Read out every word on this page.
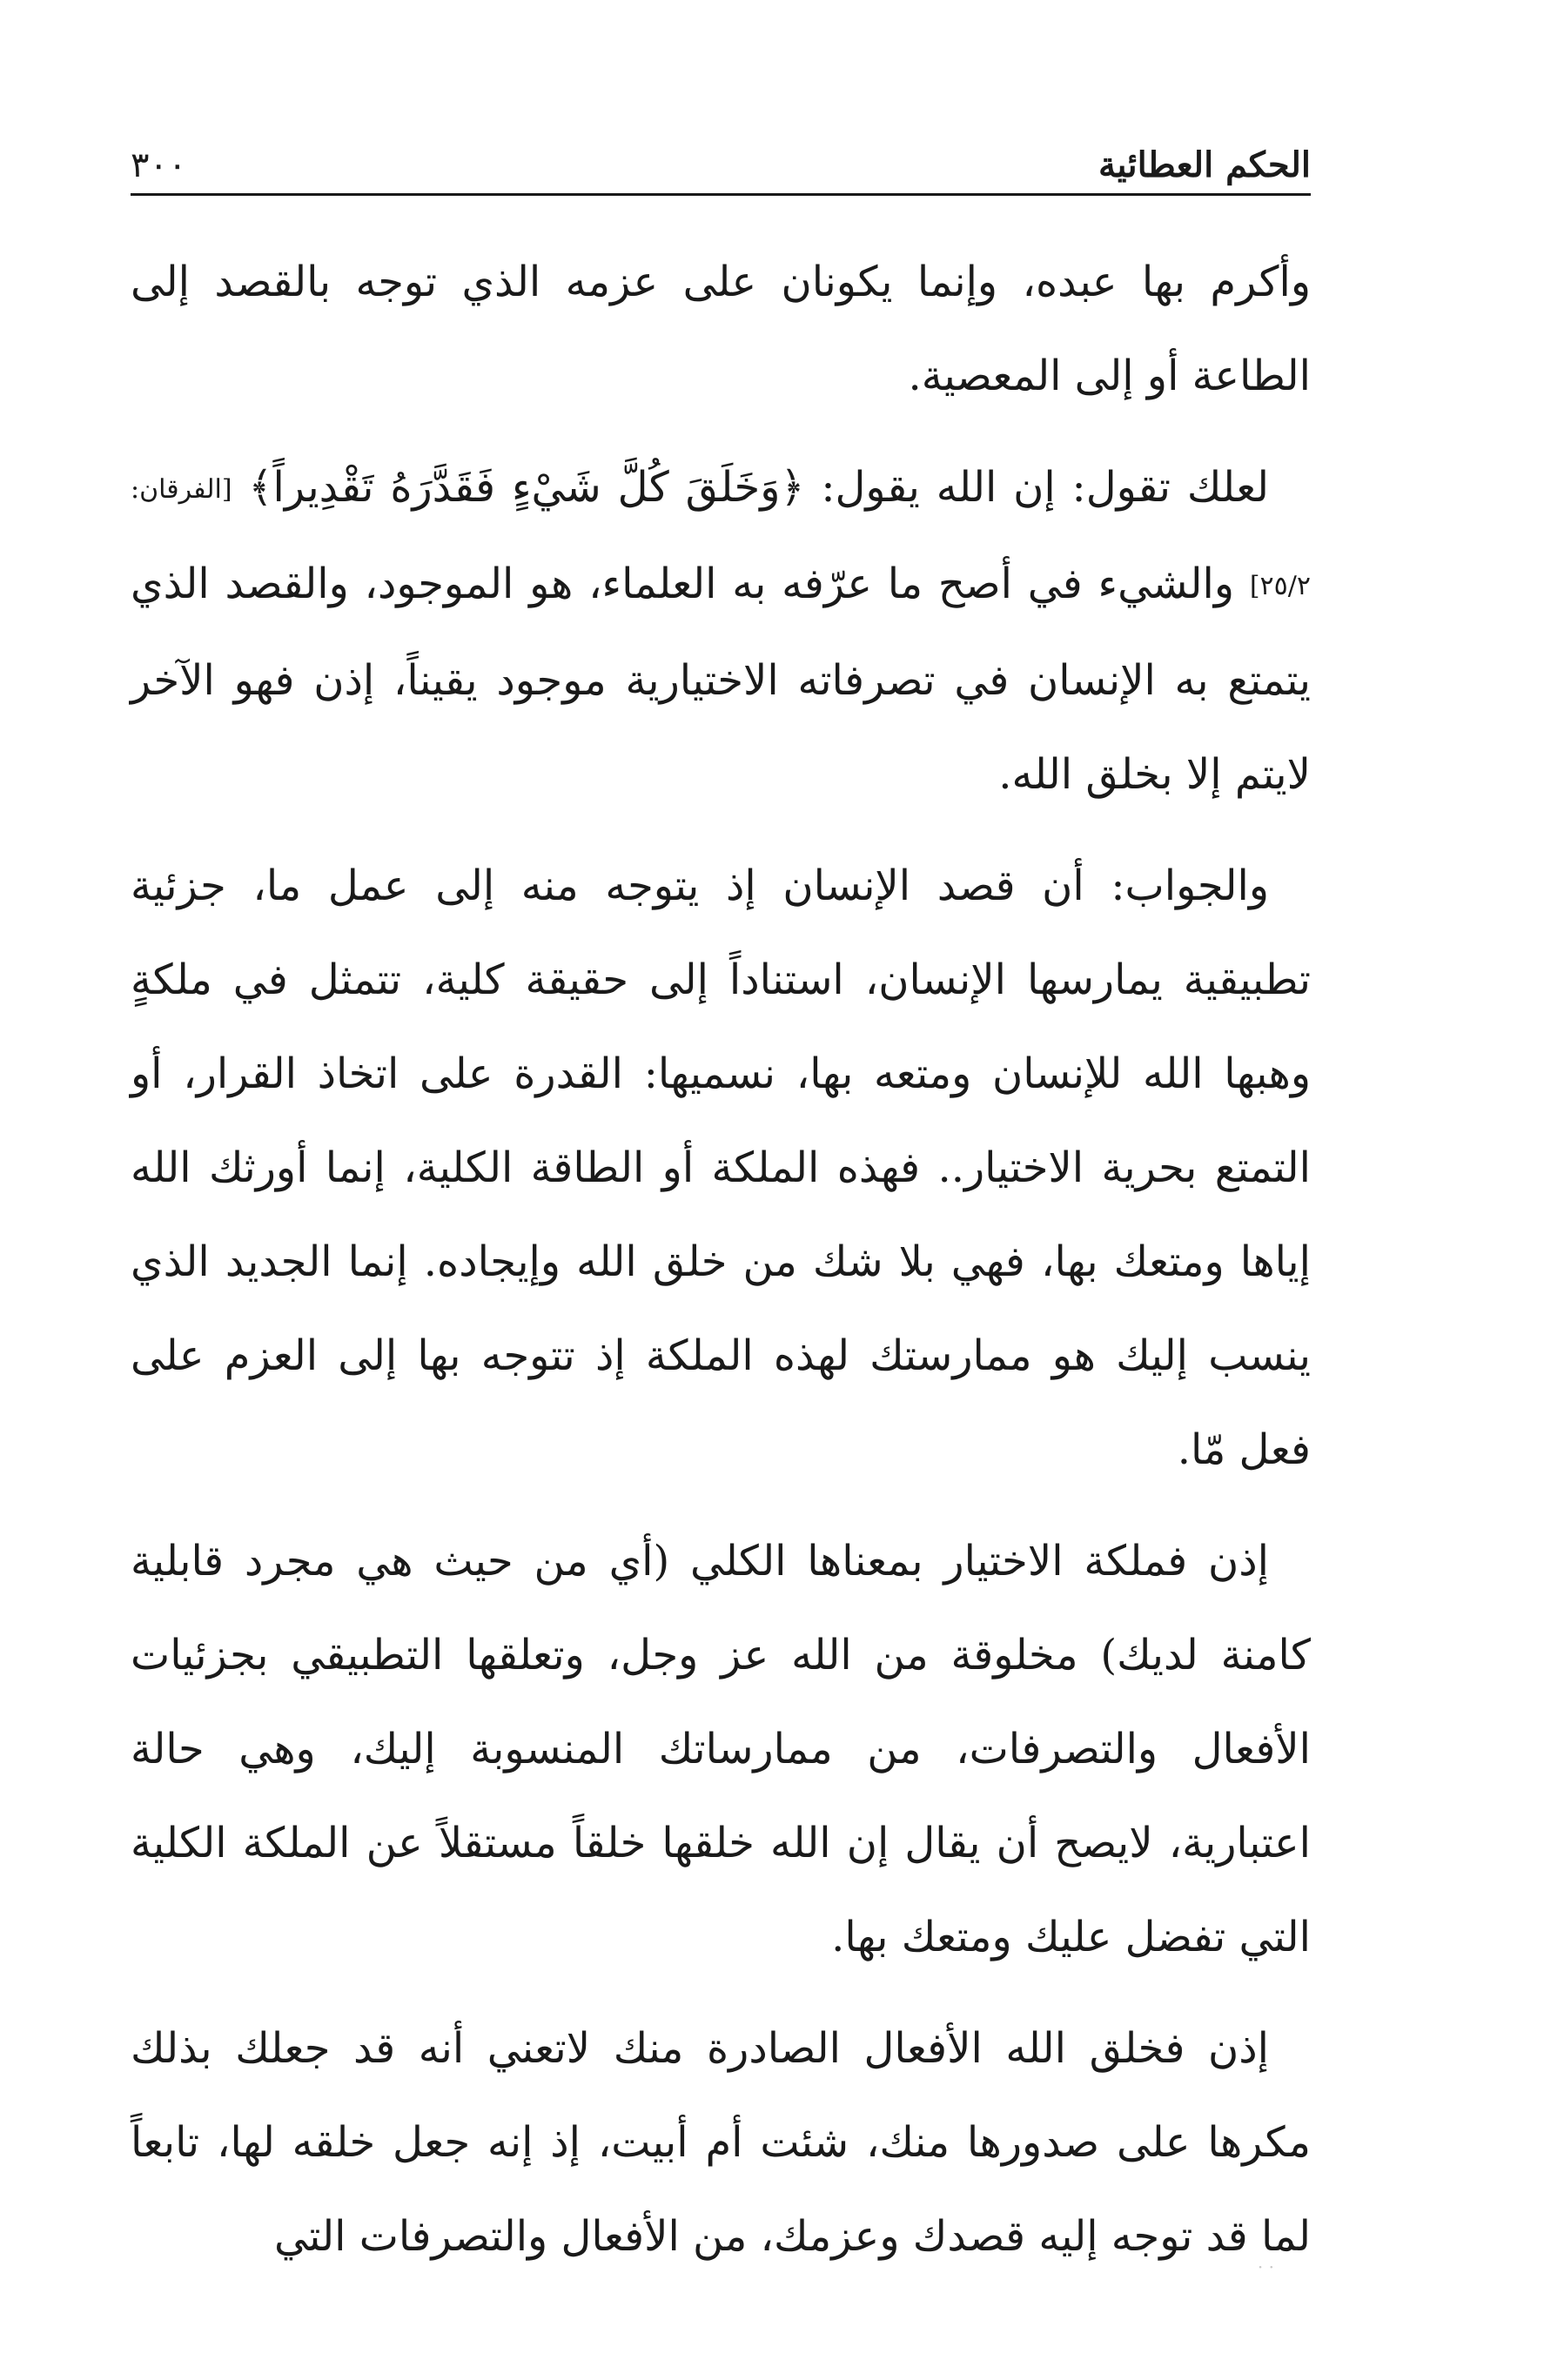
الحكم العطائية
٣٠٠

وأكرم بها عبده، وإنما يكونان على عزمه الذي توجه بالقصد إلى الطاعة أو إلى المعصية.

لعلك تقول: إن الله يقول: ﴿وَخَلَقَ كُلَّ شَيْءٍ فَقَدَّرَهُ تَقْدِيراً﴾ [الفرقان: ٢٥/٢] والشيء في أصح ما عرّفه به العلماء، هو الموجود، والقصد الذي يتمتع به الإنسان في تصرفاته الاختيارية موجود يقيناً، إذن فهو الآخر لايتم إلا بخلق الله.

والجواب: أن قصد الإنسان إذ يتوجه منه إلى عمل ما، جزئية تطبيقية يمارسها الإنسان، استناداً إلى حقيقة كلية، تتمثل في ملكةٍ وهبها الله للإنسان ومتعه بها، نسميها: القدرة على اتخاذ القرار، أو التمتع بحرية الاختيار.. فهذه الملكة أو الطاقة الكلية، إنما أورثك الله إياها ومتعك بها، فهي بلا شك من خلق الله وإيجاده. إنما الجديد الذي ينسب إليك هو ممارستك لهذه الملكة إذ تتوجه بها إلى العزم على فعل مّا.

إذن فملكة الاختيار بمعناها الكلي (أي من حيث هي مجرد قابلية كامنة لديك) مخلوقة من الله عز وجل، وتعلقها التطبيقي بجزئيات الأفعال والتصرفات، من ممارساتك المنسوبة إليك، وهي حالة اعتبارية، لايصح أن يقال إن الله خلقها خلقاً مستقلاً عن الملكة الكلية التي تفضل عليك ومتعك بها.

إذن فخلق الله الأفعال الصادرة منك لاتعني أنه قد جعلك بذلك مكرها على صدورها منك، شئت أم أبيت، إذ إنه جعل خلقه لها، تابعاً لما قد توجه إليه قصدك وعزمك، من الأفعال والتصرفات التي

· ·
